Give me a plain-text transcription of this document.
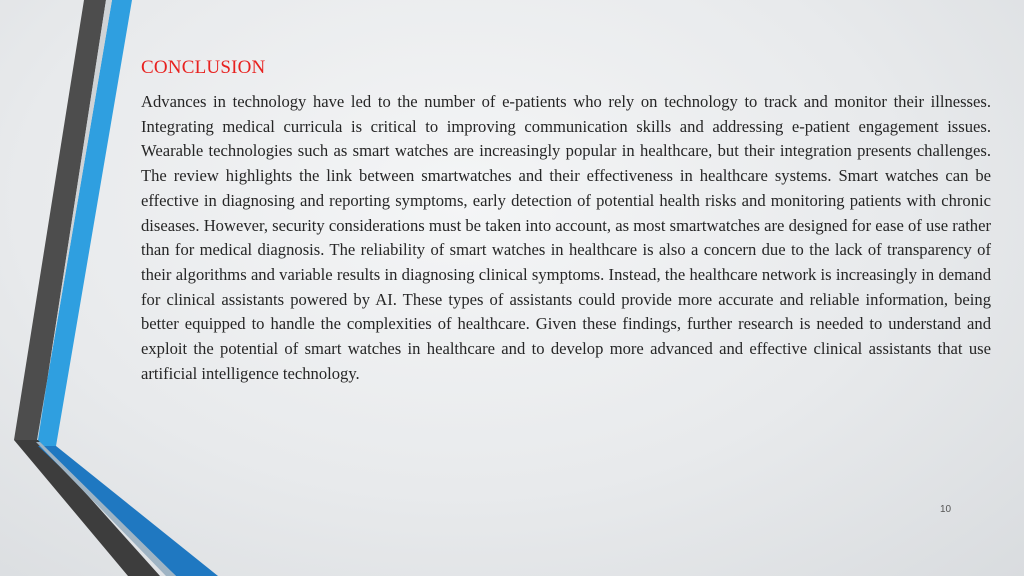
CONCLUSION
Advances in technology have led to the number of e-patients who rely on technology to track and monitor their illnesses. Integrating medical curricula is critical to improving communication skills and addressing e-patient engagement issues. Wearable technologies such as smart watches are increasingly popular in healthcare, but their integration presents challenges. The review highlights the link between smartwatches and their effectiveness in healthcare systems. Smart watches can be effective in diagnosing and reporting symptoms, early detection of potential health risks and monitoring patients with chronic diseases. However, security considerations must be taken into account, as most smartwatches are designed for ease of use rather than for medical diagnosis. The reliability of smart watches in healthcare is also a concern due to the lack of transparency of their algorithms and variable results in diagnosing clinical symptoms. Instead, the healthcare network is increasingly in demand for clinical assistants powered by AI. These types of assistants could provide more accurate and reliable information, being better equipped to handle the complexities of healthcare. Given these findings, further research is needed to understand and exploit the potential of smart watches in healthcare and to develop more advanced and effective clinical assistants that use artificial intelligence technology.
10
